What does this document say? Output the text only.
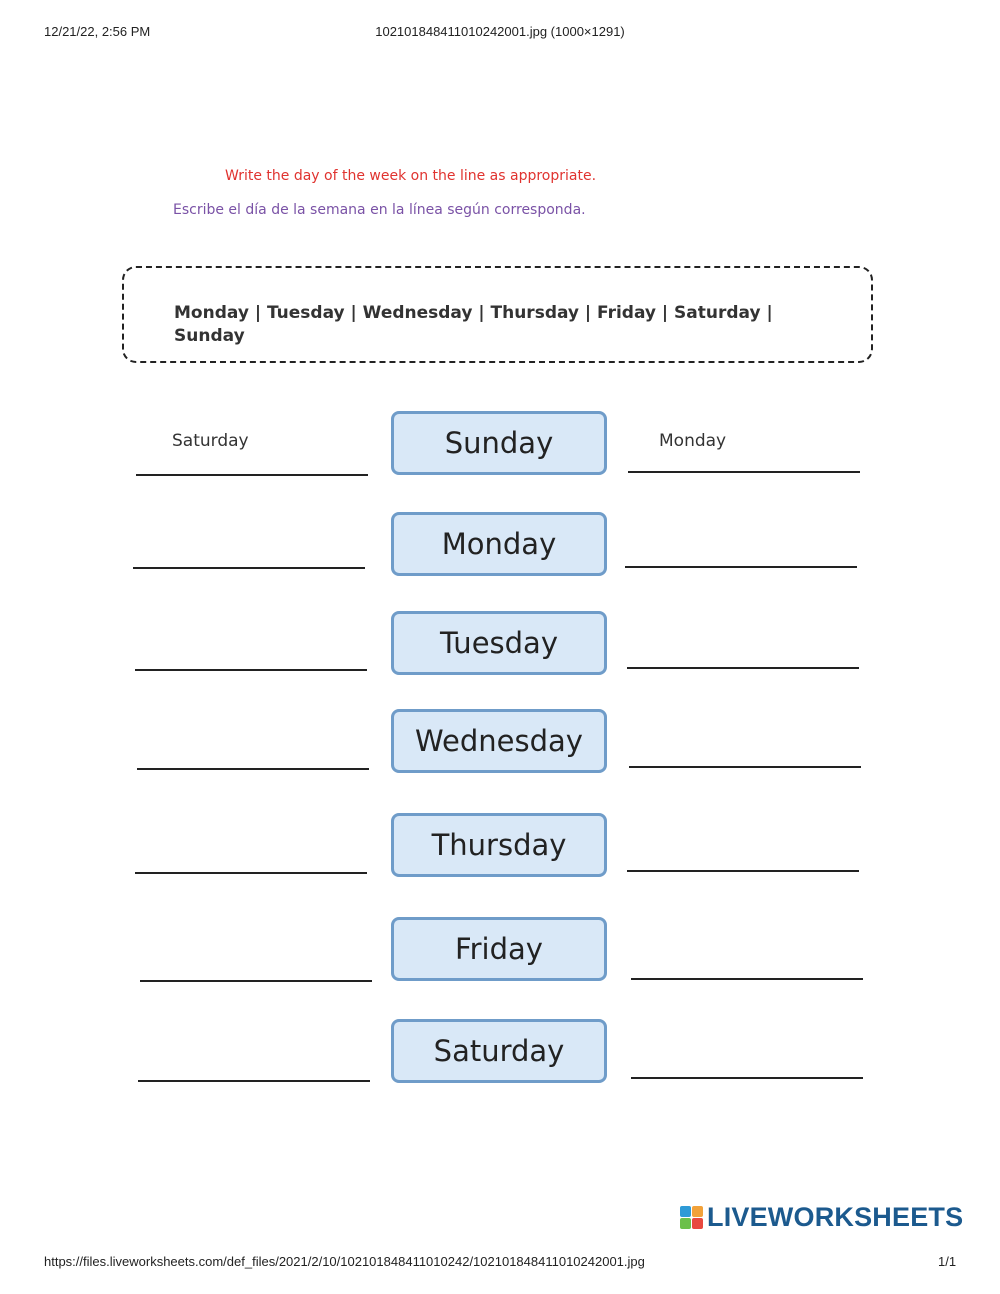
12/21/22, 2:56 PM	102101848411010242001.jpg (1000×1291)
Write the day of the week on the line as appropriate.
Escribe el día de la semana en la línea según corresponda.
Monday | Tuesday | Wednesday | Thursday | Friday | Saturday | Sunday
Sunday
Saturday	Monday
Monday
Tuesday
Wednesday
Thursday
Friday
Saturday
LIVEWORKSHEETS
https://files.liveworksheets.com/def_files/2021/2/10/102101848411010242/102101848411010242001.jpg	1/1
